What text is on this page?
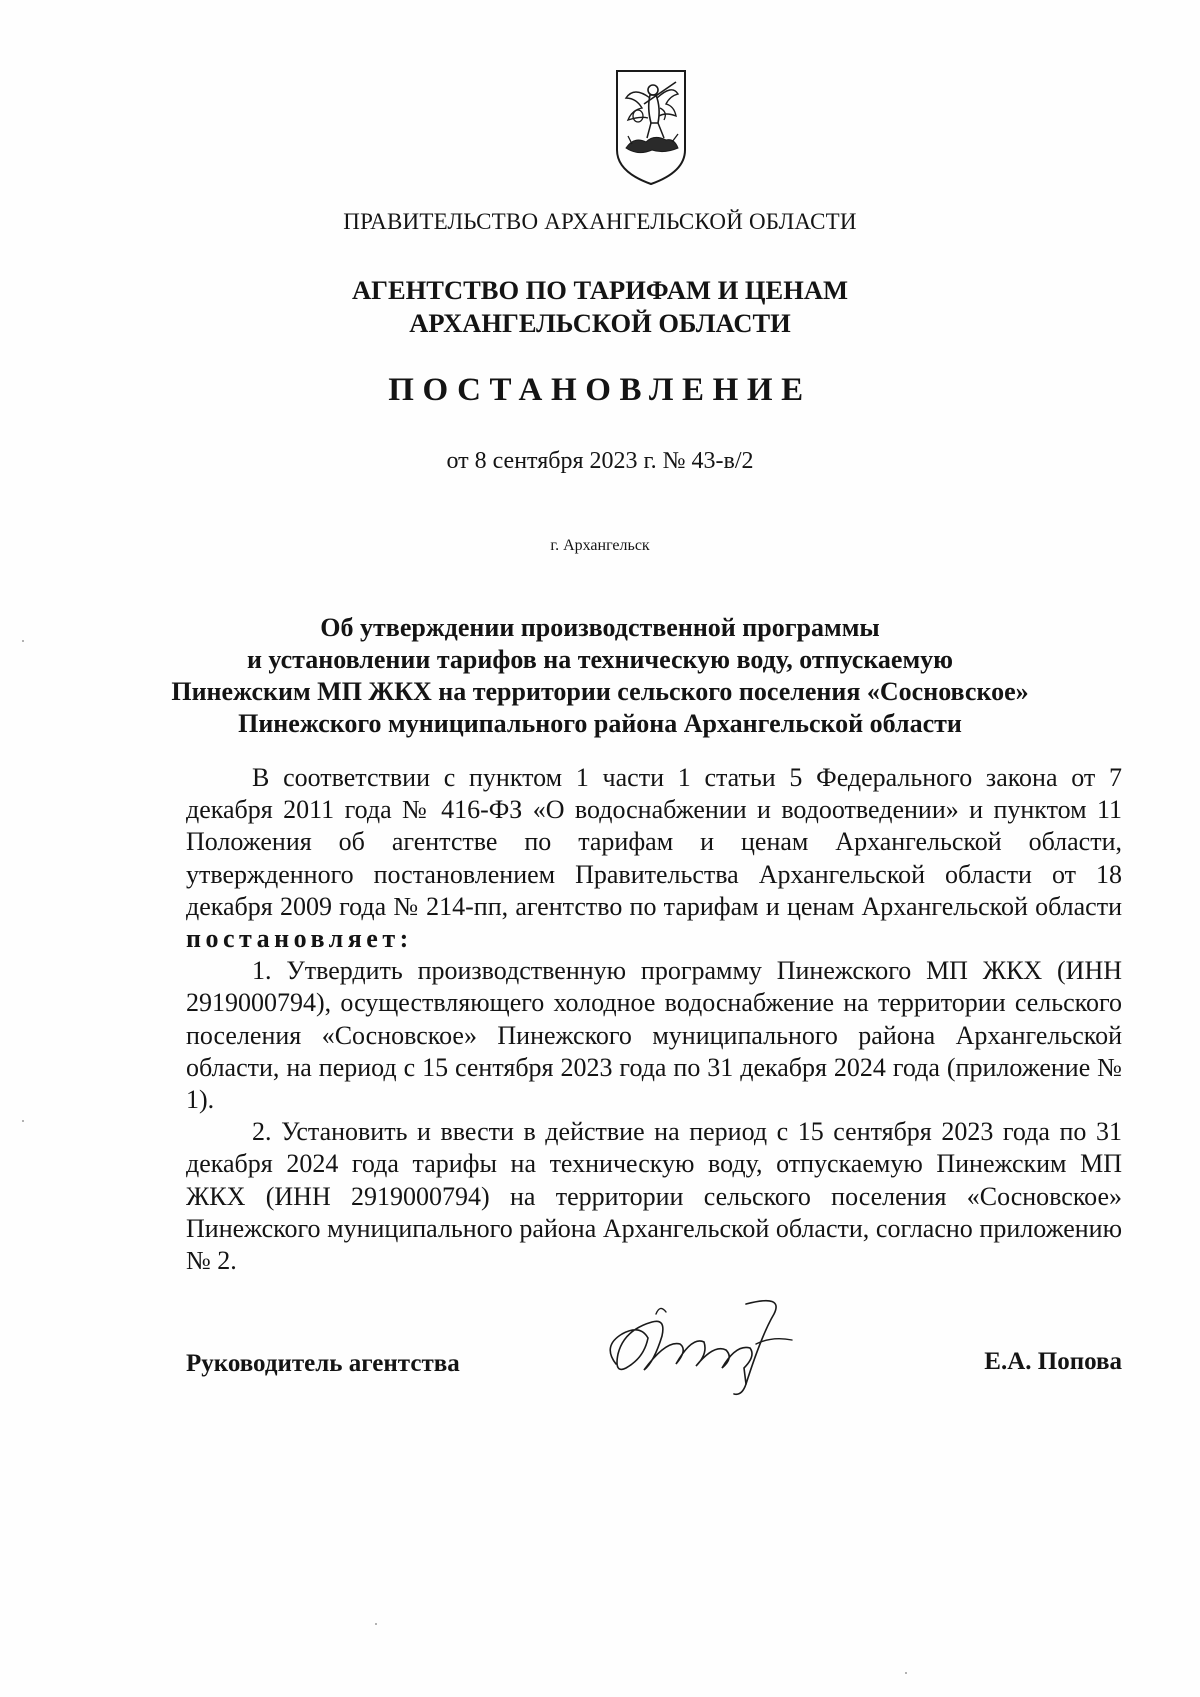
ПРАВИТЕЛЬСТВО АРХАНГЕЛЬСКОЙ ОБЛАСТИ
АГЕНТСТВО ПО ТАРИФАМ И ЦЕНАМ
АРХАНГЕЛЬСКОЙ ОБЛАСТИ
ПОСТАНОВЛЕНИЕ
от 8 сентября 2023 г. № 43-в/2
г. Архангельск
Об утверждении производственной программы
и установлении тарифов на техническую воду, отпускаемую
Пинежским МП ЖКХ на территории сельского поселения «Сосновское»
Пинежского муниципального района Архангельской области

В соответствии с пунктом 1 части 1 статьи 5 Федерального закона от 7 декабря 2011 года № 416-ФЗ «О водоснабжении и водоотведении» и пунктом 11 Положения об агентстве по тарифам и ценам Архангельской области, утвержденного постановлением Правительства Архангельской области от 18 декабря 2009 года № 214-пп, агентство по тарифам и ценам Архангельской области постановляет:

1. Утвердить производственную программу Пинежского МП ЖКХ (ИНН 2919000794), осуществляющего холодное водоснабжение на территории сельского поселения «Сосновское» Пинежского муниципального района Архангельской области, на период с 15 сентября 2023 года по 31 декабря 2024 года (приложение № 1).

2. Установить и ввести в действие на период с 15 сентября 2023 года по 31 декабря 2024 года тарифы на техническую воду, отпускаемую Пинежским МП ЖКХ (ИНН 2919000794) на территории сельского поселения «Сосновское» Пинежского муниципального района Архангельской области, согласно приложению № 2.

Руководитель агентства	Е.А. Попова
